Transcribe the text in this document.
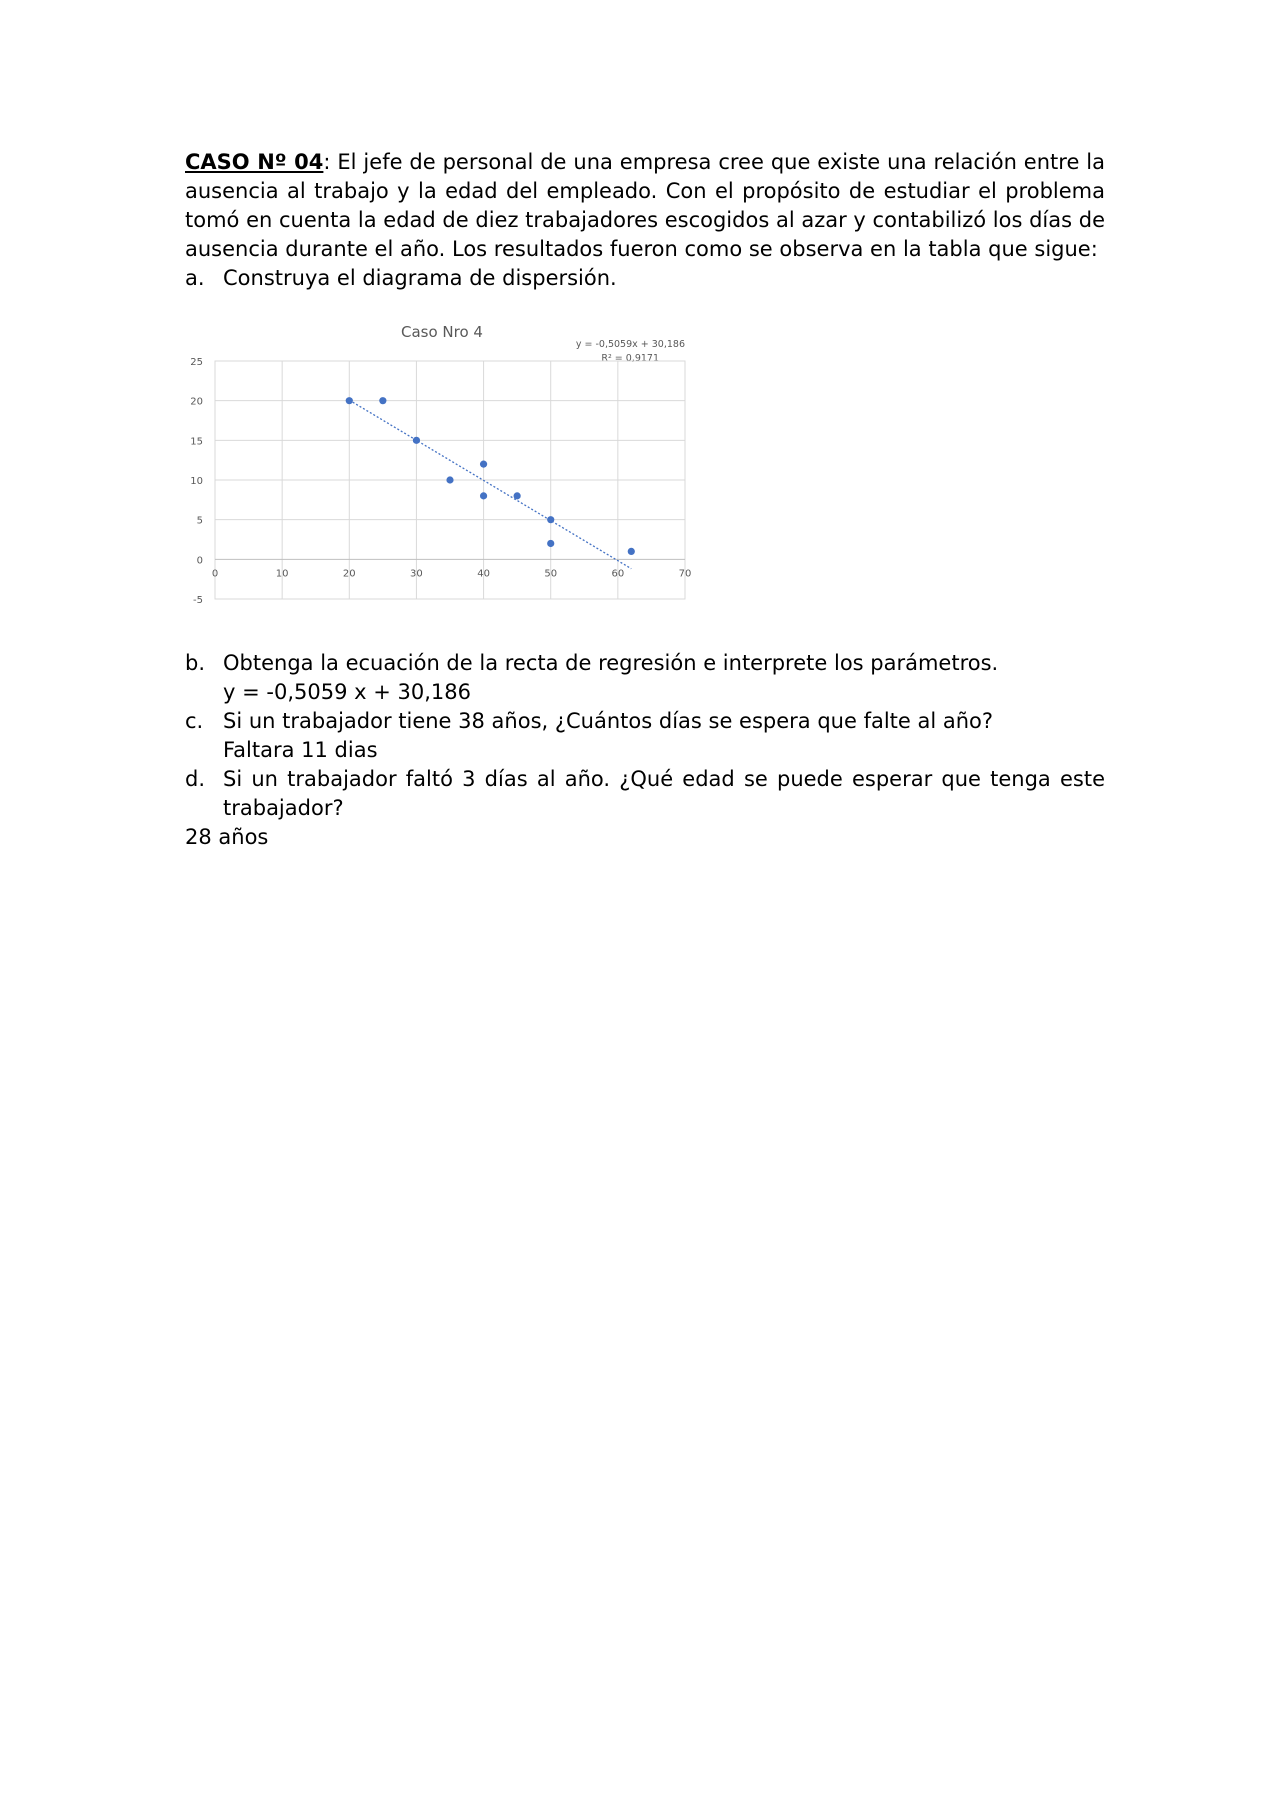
CASO Nº 04: El jefe de personal de una empresa cree que existe una relación entre la ausencia al trabajo y la edad del empleado. Con el propósito de estudiar el problema tomó en cuenta la edad de diez trabajadores escogidos al azar y contabilizó los días de ausencia durante el año. Los resultados fueron como se observa en la tabla que sigue:

a. Construya el diagrama de dispersión.
Caso Nro 4
y = -0,5059x + 30,186
R² = 0,9171
0	10	20	30	40	50	60	70
25
20
15
10
5
0
-5
b. Obtenga la ecuación de la recta de regresión e interprete los parámetros.
y = -0,5059 x + 30,186
c. Si un trabajador tiene 38 años, ¿Cuántos días se espera que falte al año?
Faltara 11 dias
d. Si un trabajador faltó 3 días al año. ¿Qué edad se puede esperar que tenga este trabajador?

28 años
